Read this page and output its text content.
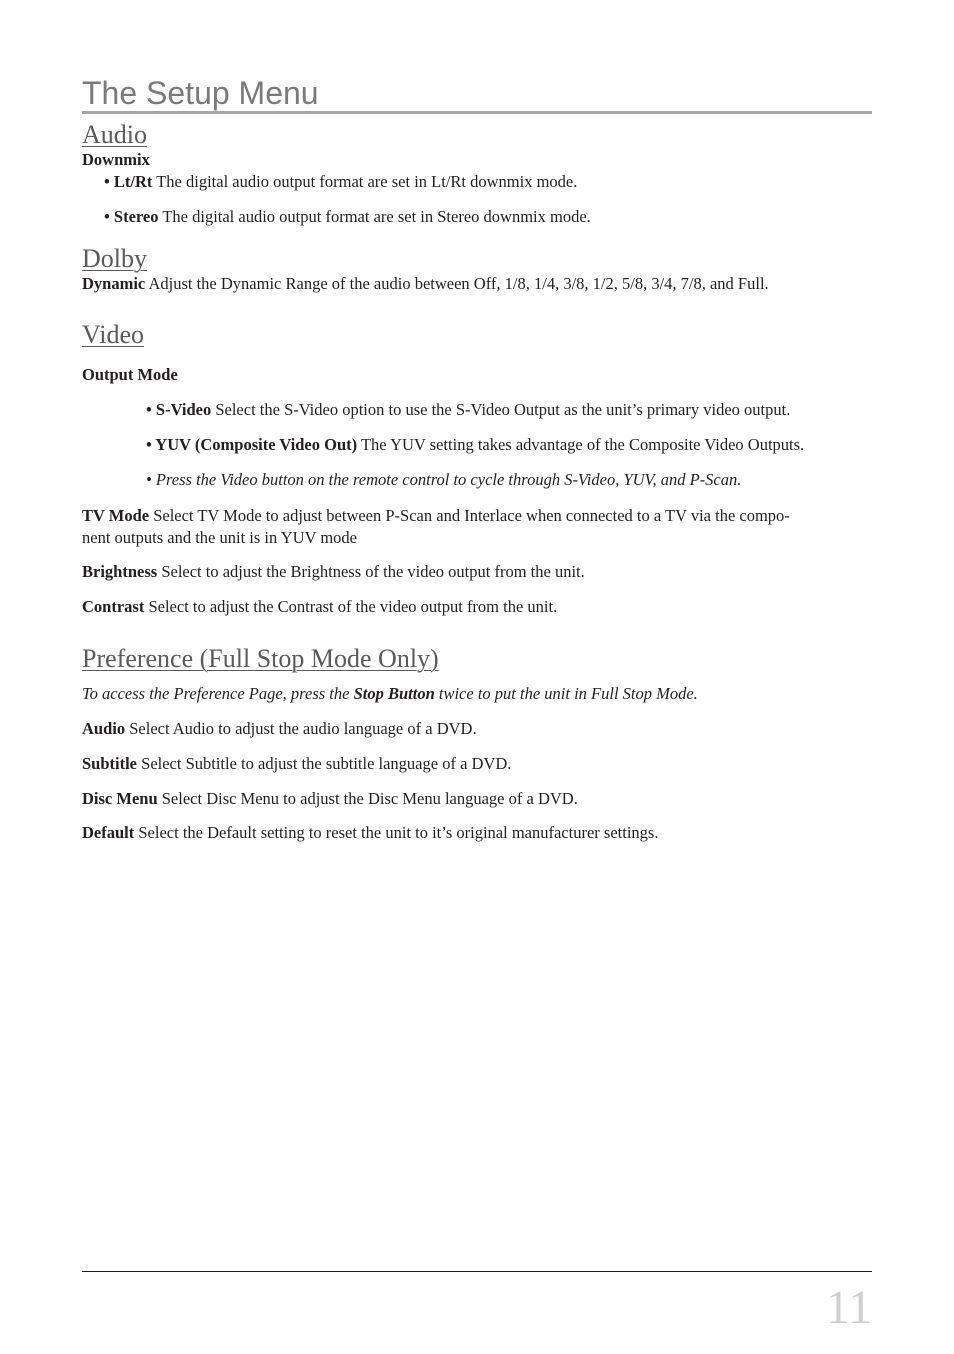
The Setup Menu
Audio
Downmix
• Lt/Rt The digital audio output format are set in Lt/Rt downmix mode.
• Stereo The digital audio output format are set in Stereo downmix mode.
Dolby
Dynamic Adjust the Dynamic Range of the audio between Off, 1/8, 1/4, 3/8, 1/2, 5/8, 3/4, 7/8, and Full.
Video
Output Mode
• S-Video Select the S-Video option to use the S-Video Output as the unit’s primary video output.
• YUV (Composite Video Out) The YUV setting takes advantage of the Composite Video Outputs.
• Press the Video button on the remote control to cycle through S-Video, YUV, and P-Scan.
TV Mode Select TV Mode to adjust between P-Scan and Interlace when connected to a TV via the compo-
nent outputs and the unit is in YUV mode
Brightness Select to adjust the Brightness of the video output from the unit.
Contrast Select to adjust the Contrast of the video output from the unit.
Preference (Full Stop Mode Only)
To access the Preference Page, press the Stop Button twice to put the unit in Full Stop Mode.
Audio Select Audio to adjust the audio language of a DVD.
Subtitle Select Subtitle to adjust the subtitle language of a DVD.
Disc Menu Select Disc Menu to adjust the Disc Menu language of a DVD.
Default Select the Default setting to reset the unit to it’s original manufacturer settings.
11
